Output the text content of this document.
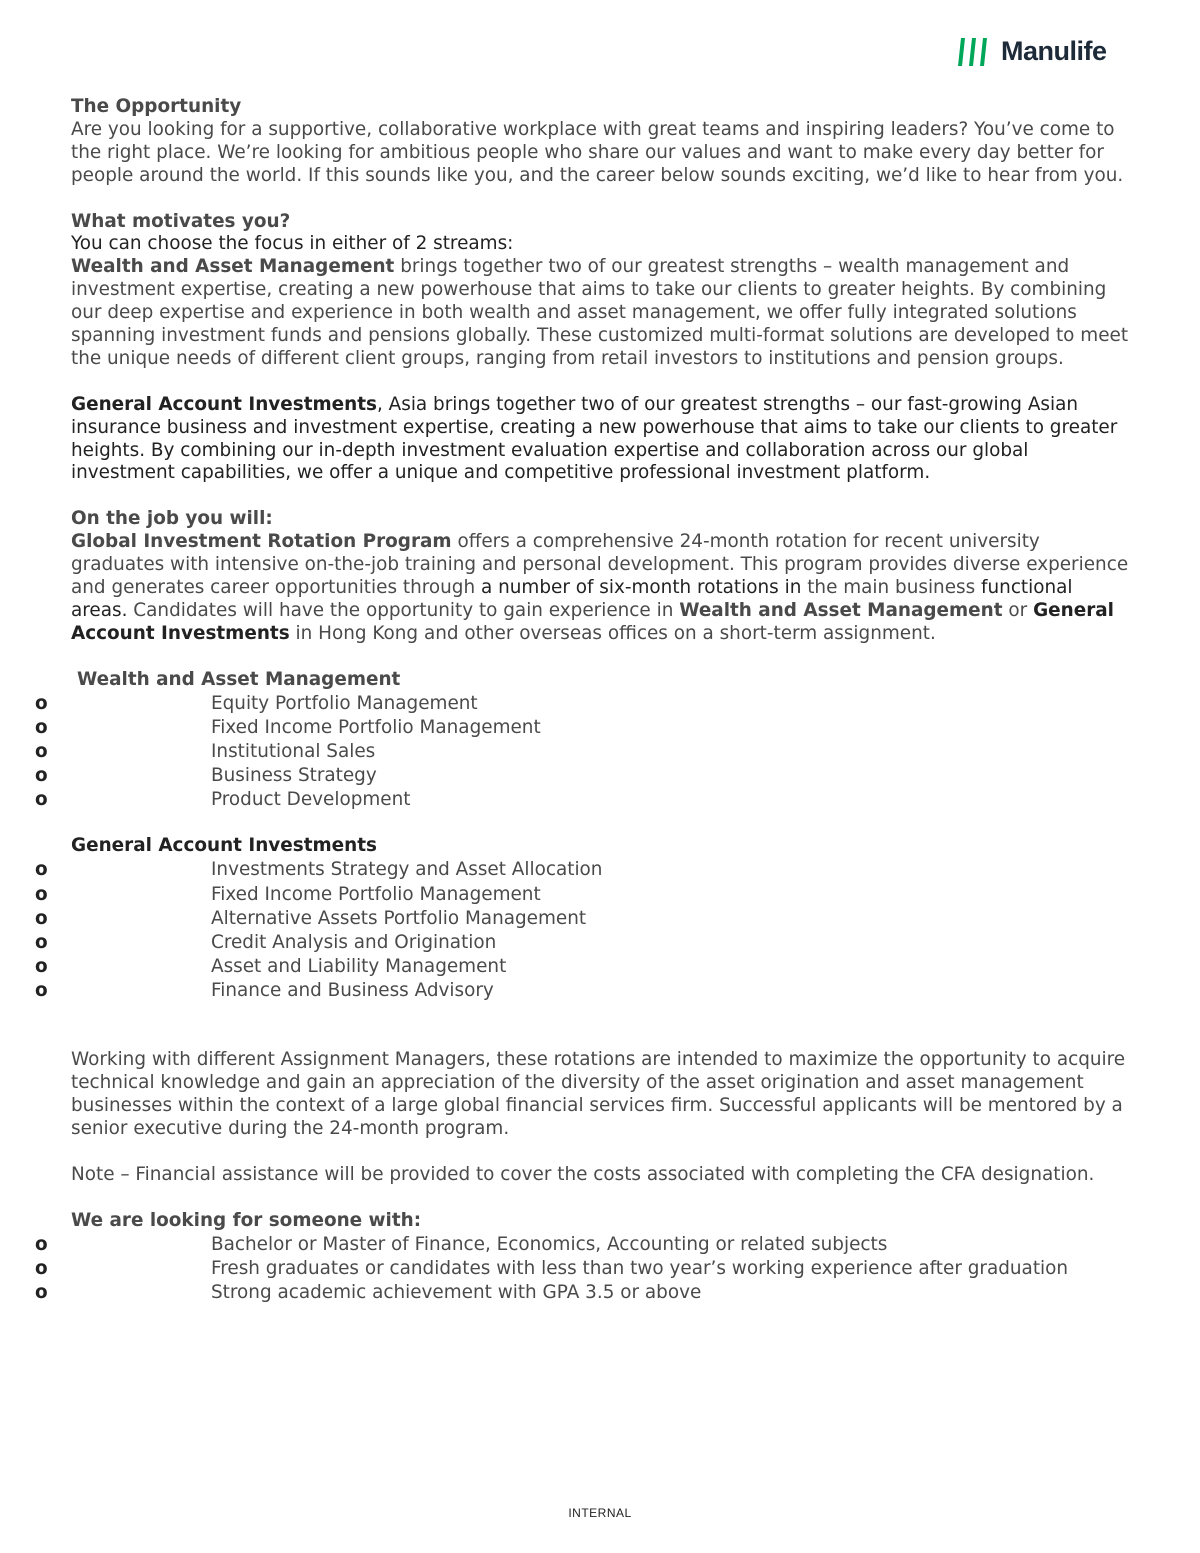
Manulife

The Opportunity

Are you looking for a supportive, collaborative workplace with great teams and inspiring leaders? You’ve come to the right place. We’re looking for ambitious people who share our values and want to make every day better for people around the world. If this sounds like you, and the career below sounds exciting, we’d like to hear from you.

What motivates you?

You can choose the focus in either of 2 streams:

Wealth and Asset Management brings together two of our greatest strengths – wealth management and investment expertise, creating a new powerhouse that aims to take our clients to greater heights. By combining our deep expertise and experience in both wealth and asset management, we offer fully integrated solutions spanning investment funds and pensions globally. These customized multi-format solutions are developed to meet the unique needs of different client groups, ranging from retail investors to institutions and pension groups.

General Account Investments, Asia brings together two of our greatest strengths – our fast-growing Asian insurance business and investment expertise, creating a new powerhouse that aims to take our clients to greater heights. By combining our in-depth investment evaluation expertise and collaboration across our global investment capabilities, we offer a unique and competitive professional investment platform.

On the job you will:

Global Investment Rotation Program offers a comprehensive 24-month rotation for recent university graduates with intensive on-the-job training and personal development. This program provides diverse experience and generates career opportunities through a number of six-month rotations in the main business functional areas. Candidates will have the opportunity to gain experience in Wealth and Asset Management or General Account Investments in Hong Kong and other overseas offices on a short-term assignment.

Wealth and Asset Management

o Equity Portfolio Management
o Fixed Income Portfolio Management
o Institutional Sales
o Business Strategy
o Product Development

General Account Investments

o Investments Strategy and Asset Allocation
o Fixed Income Portfolio Management
o Alternative Assets Portfolio Management
o Credit Analysis and Origination
o Asset and Liability Management
o Finance and Business Advisory

Working with different Assignment Managers, these rotations are intended to maximize the opportunity to acquire technical knowledge and gain an appreciation of the diversity of the asset origination and asset management businesses within the context of a large global financial services firm. Successful applicants will be mentored by a senior executive during the 24-month program.

Note – Financial assistance will be provided to cover the costs associated with completing the CFA designation.

We are looking for someone with:

o Bachelor or Master of Finance, Economics, Accounting or related subjects
o Fresh graduates or candidates with less than two year’s working experience after graduation
o Strong academic achievement with GPA 3.5 or above
INTERNAL
